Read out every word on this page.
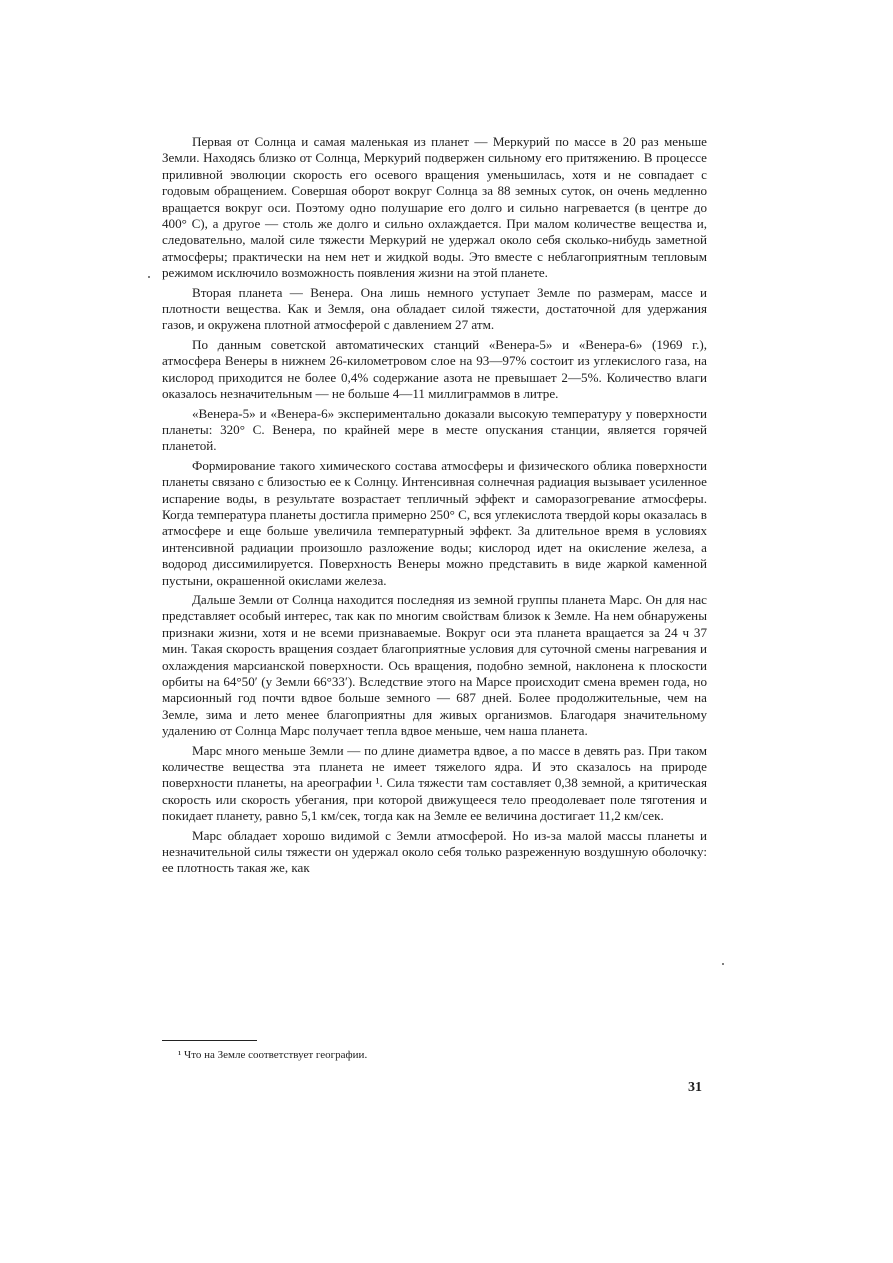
Первая от Солнца и самая маленькая из планет — Меркурий по массе в 20 раз меньше Земли. Находясь близко от Солнца, Меркурий подвержен сильному его притяжению. В процессе приливной эволюции скорость его осевого вращения уменьшилась, хотя и не совпадает с годовым обращением. Совершая оборот вокруг Солнца за 88 земных суток, он очень медленно вращается вокруг оси. Поэтому одно полушарие его долго и сильно нагревается (в центре до 400° С), а другое — столь же долго и сильно охлаждается. При малом количестве вещества и, следовательно, малой силе тяжести Меркурий не удержал около себя сколько-нибудь заметной атмосферы; практически на нем нет и жидкой воды. Это вместе с неблагоприятным тепловым режимом исключило возможность появления жизни на этой планете.

Вторая планета — Венера. Она лишь немного уступает Земле по размерам, массе и плотности вещества. Как и Земля, она обладает силой тяжести, достаточной для удержания газов, и окружена плотной атмосферой с давлением 27 атм.

По данным советской автоматических станций «Венера-5» и «Венера-6» (1969 г.), атмосфера Венеры в нижнем 26-километровом слое на 93—97% состоит из углекислого газа, на кислород приходится не более 0,4% содержание азота не превышает 2—5%. Количество влаги оказалось незначительным — не больше 4—11 миллиграммов в литре.

«Венера-5» и «Венера-6» экспериментально доказали высокую температуру у поверхности планеты: 320° С. Венера, по крайней мере в месте опускания станции, является горячей планетой.

Формирование такого химического состава атмосферы и физического облика поверхности планеты связано с близостью ее к Солнцу. Интенсивная солнечная радиация вызывает усиленное испарение воды, в результате возрастает тепличный эффект и саморазогревание атмосферы. Когда температура планеты достигла примерно 250° С, вся углекислота твердой коры оказалась в атмосфере и еще больше увеличила температурный эффект. За длительное время в условиях интенсивной радиации произошло разложение воды; кислород идет на окисление железа, а водород диссимилируется. Поверхность Венеры можно представить в виде жаркой каменной пустыни, окрашенной окислами железа.

Дальше Земли от Солнца находится последняя из земной группы планета Марс. Он для нас представляет особый интерес, так как по многим свойствам близок к Земле. На нем обнаружены признаки жизни, хотя и не всеми признаваемые. Вокруг оси эта планета вращается за 24 ч 37 мин. Такая скорость вращения создает благоприятные условия для суточной смены нагревания и охлаждения марсианской поверхности. Ось вращения, подобно земной, наклонена к плоскости орбиты на 64°50′ (у Земли 66°33′). Вследствие этого на Марсе происходит смена времен года, но марсионный год почти вдвое больше земного — 687 дней. Более продолжительные, чем на Земле, зима и лето менее благоприятны для живых организмов. Благодаря значительному удалению от Солнца Марс получает тепла вдвое меньше, чем наша планета.

Марс много меньше Земли — по длине диаметра вдвое, а по массе в девять раз. При таком количестве вещества эта планета не имеет тяжелого ядра. И это сказалось на природе поверхности планеты, на ареографии ¹. Сила тяжести там составляет 0,38 земной, а критическая скорость или скорость убегания, при которой движущееся тело преодолевает поле тяготения и покидает планету, равно 5,1 км/сек, тогда как на Земле ее величина достигает 11,2 км/сек.

Марс обладает хорошо видимой с Земли атмосферой. Но из-за малой массы планеты и незначительной силы тяжести он удержал около себя только разреженную воздушную оболочку: ее плотность такая же, как

¹ Что на Земле соответствует географии.
31
